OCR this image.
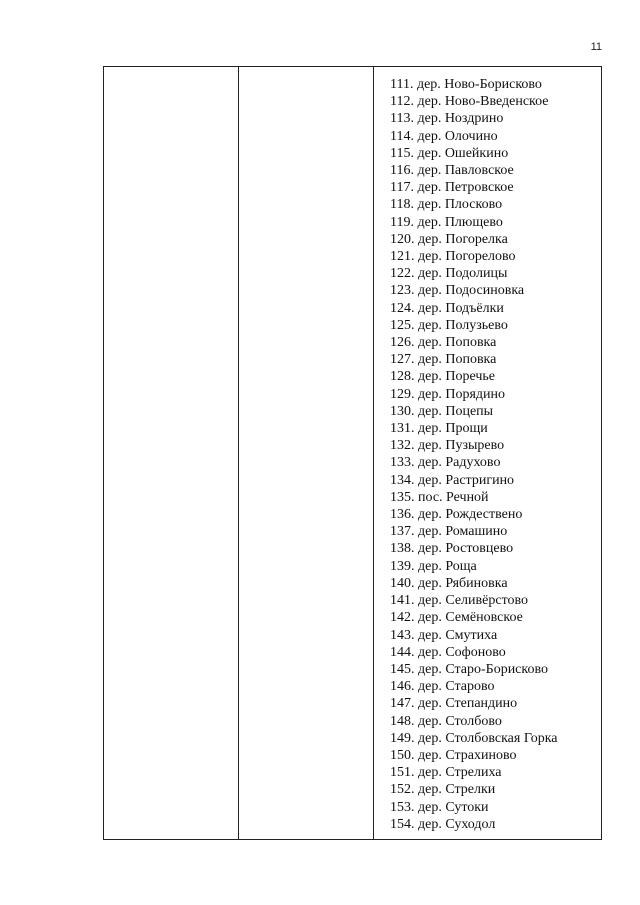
11
111. дер. Ново-Борисково
112. дер. Ново-Введенское
113. дер. Ноздрино
114. дер. Олочино
115. дер. Ошейкино
116. дер. Павловское
117. дер. Петровское
118. дер. Плосково
119. дер. Плющево
120. дер. Погорелка
121. дер. Погорелово
122. дер. Подолицы
123. дер. Подосиновка
124. дер. Подъёлки
125. дер. Полузьево
126. дер. Поповка
127. дер. Поповка
128. дер. Поречье
129. дер. Порядино
130. дер. Поцепы
131. дер. Прощи
132. дер. Пузырево
133. дер. Радухово
134. дер. Растригино
135. пос. Речной
136. дер. Рождествено
137. дер. Ромашино
138. дер. Ростовцево
139. дер. Роща
140. дер. Рябиновка
141. дер. Селивёрстово
142. дер. Семёновское
143. дер. Смутиха
144. дер. Софоново
145. дер. Старо-Борисково
146. дер. Старово
147. дер. Степандино
148. дер. Столбово
149. дер. Столбовская Горка
150. дер. Страхиново
151. дер. Стрелиха
152. дер. Стрелки
153. дер. Сутоки
154. дер. Суходол
